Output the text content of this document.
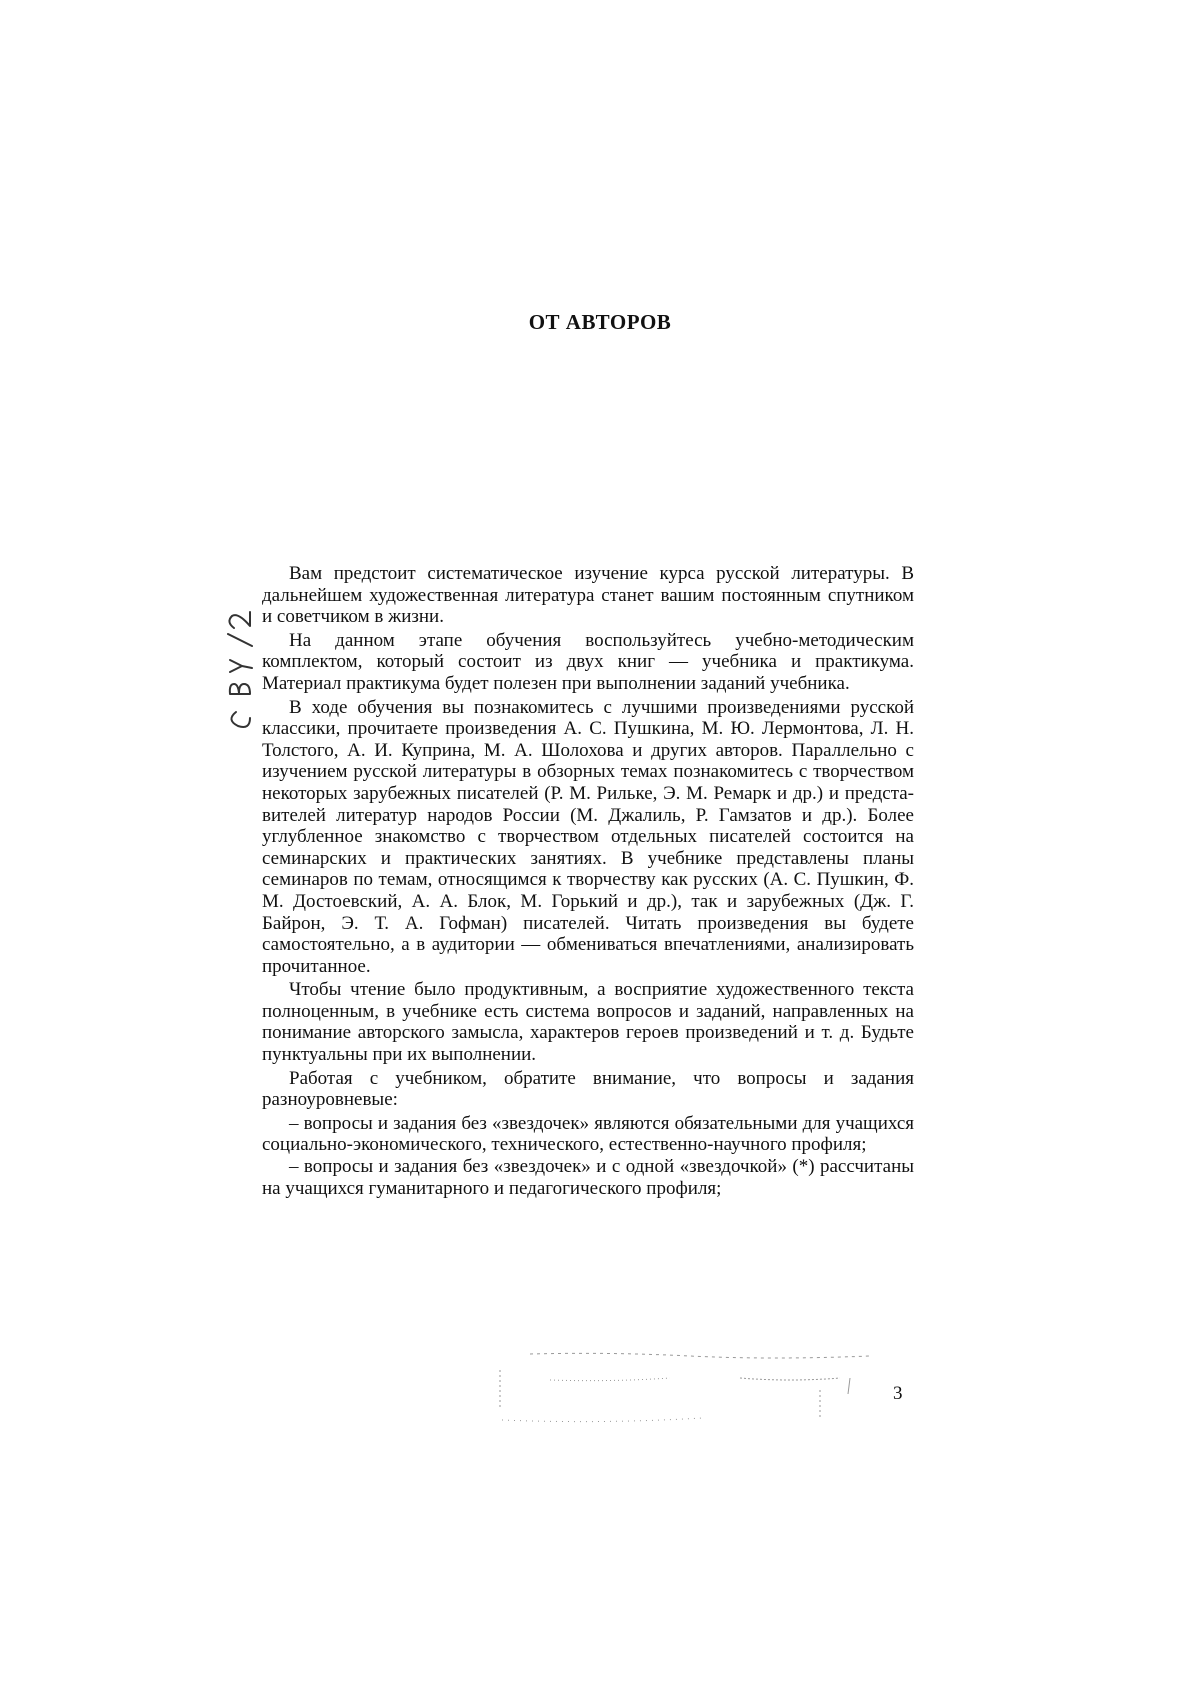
ОТ АВТОРОВ

Вам предстоит систематическое изучение курса русской литературы. В дальнейшем художественная литература станет вашим постоянным спутником и советчиком в жизни.

На данном этапе обучения воспользуйтесь учебно-методическим комплектом, который состоит из двух книг — учебника и практикума. Материал практикума будет полезен при выполнении заданий учебника.

В ходе обучения вы познакомитесь с лучшими произведениями русской классики, прочитаете произведения А. С. Пушкина, М. Ю. Лермонтова, Л. Н. Толстого, А. И. Куприна, М. А. Шолохова и других авторов. Параллельно с изучением русской литературы в обзорных темах познакомитесь с творчеством некоторых зарубежных писателей (Р. М. Рильке, Э. М. Ремарк и др.) и представителей литератур народов России (М. Джалиль, Р. Гамзатов и др.). Более углубленное знакомство с творчеством отдельных писателей состоится на семинарских и практических занятиях. В учебнике представлены планы семинаров по темам, относящимся к творчеству как русских (А. С. Пушкин, Ф. М. Достоевский, А. А. Блок, М. Горький и др.), так и зарубежных (Дж. Г. Байрон, Э. Т. А. Гофман) писателей. Читать произведения вы будете самостоятельно, а в аудитории — обмениваться впечатлениями, анализировать прочитанное.

Чтобы чтение было продуктивным, а восприятие художественного текста полноценным, в учебнике есть система вопросов и заданий, направленных на понимание авторского замысла, характеров героев произведений и т. д. Будьте пунктуальны при их выполнении.

Работая с учебником, обратите внимание, что вопросы и задания разноуровневые:

– вопросы и задания без «звездочек» являются обязательными для учащихся социально-экономического, технического, естественно-научного профиля;

– вопросы и задания без «звездочек» и с одной «звездочкой» (*) рассчитаны на учащихся гуманитарного и педагогического профиля;

3
